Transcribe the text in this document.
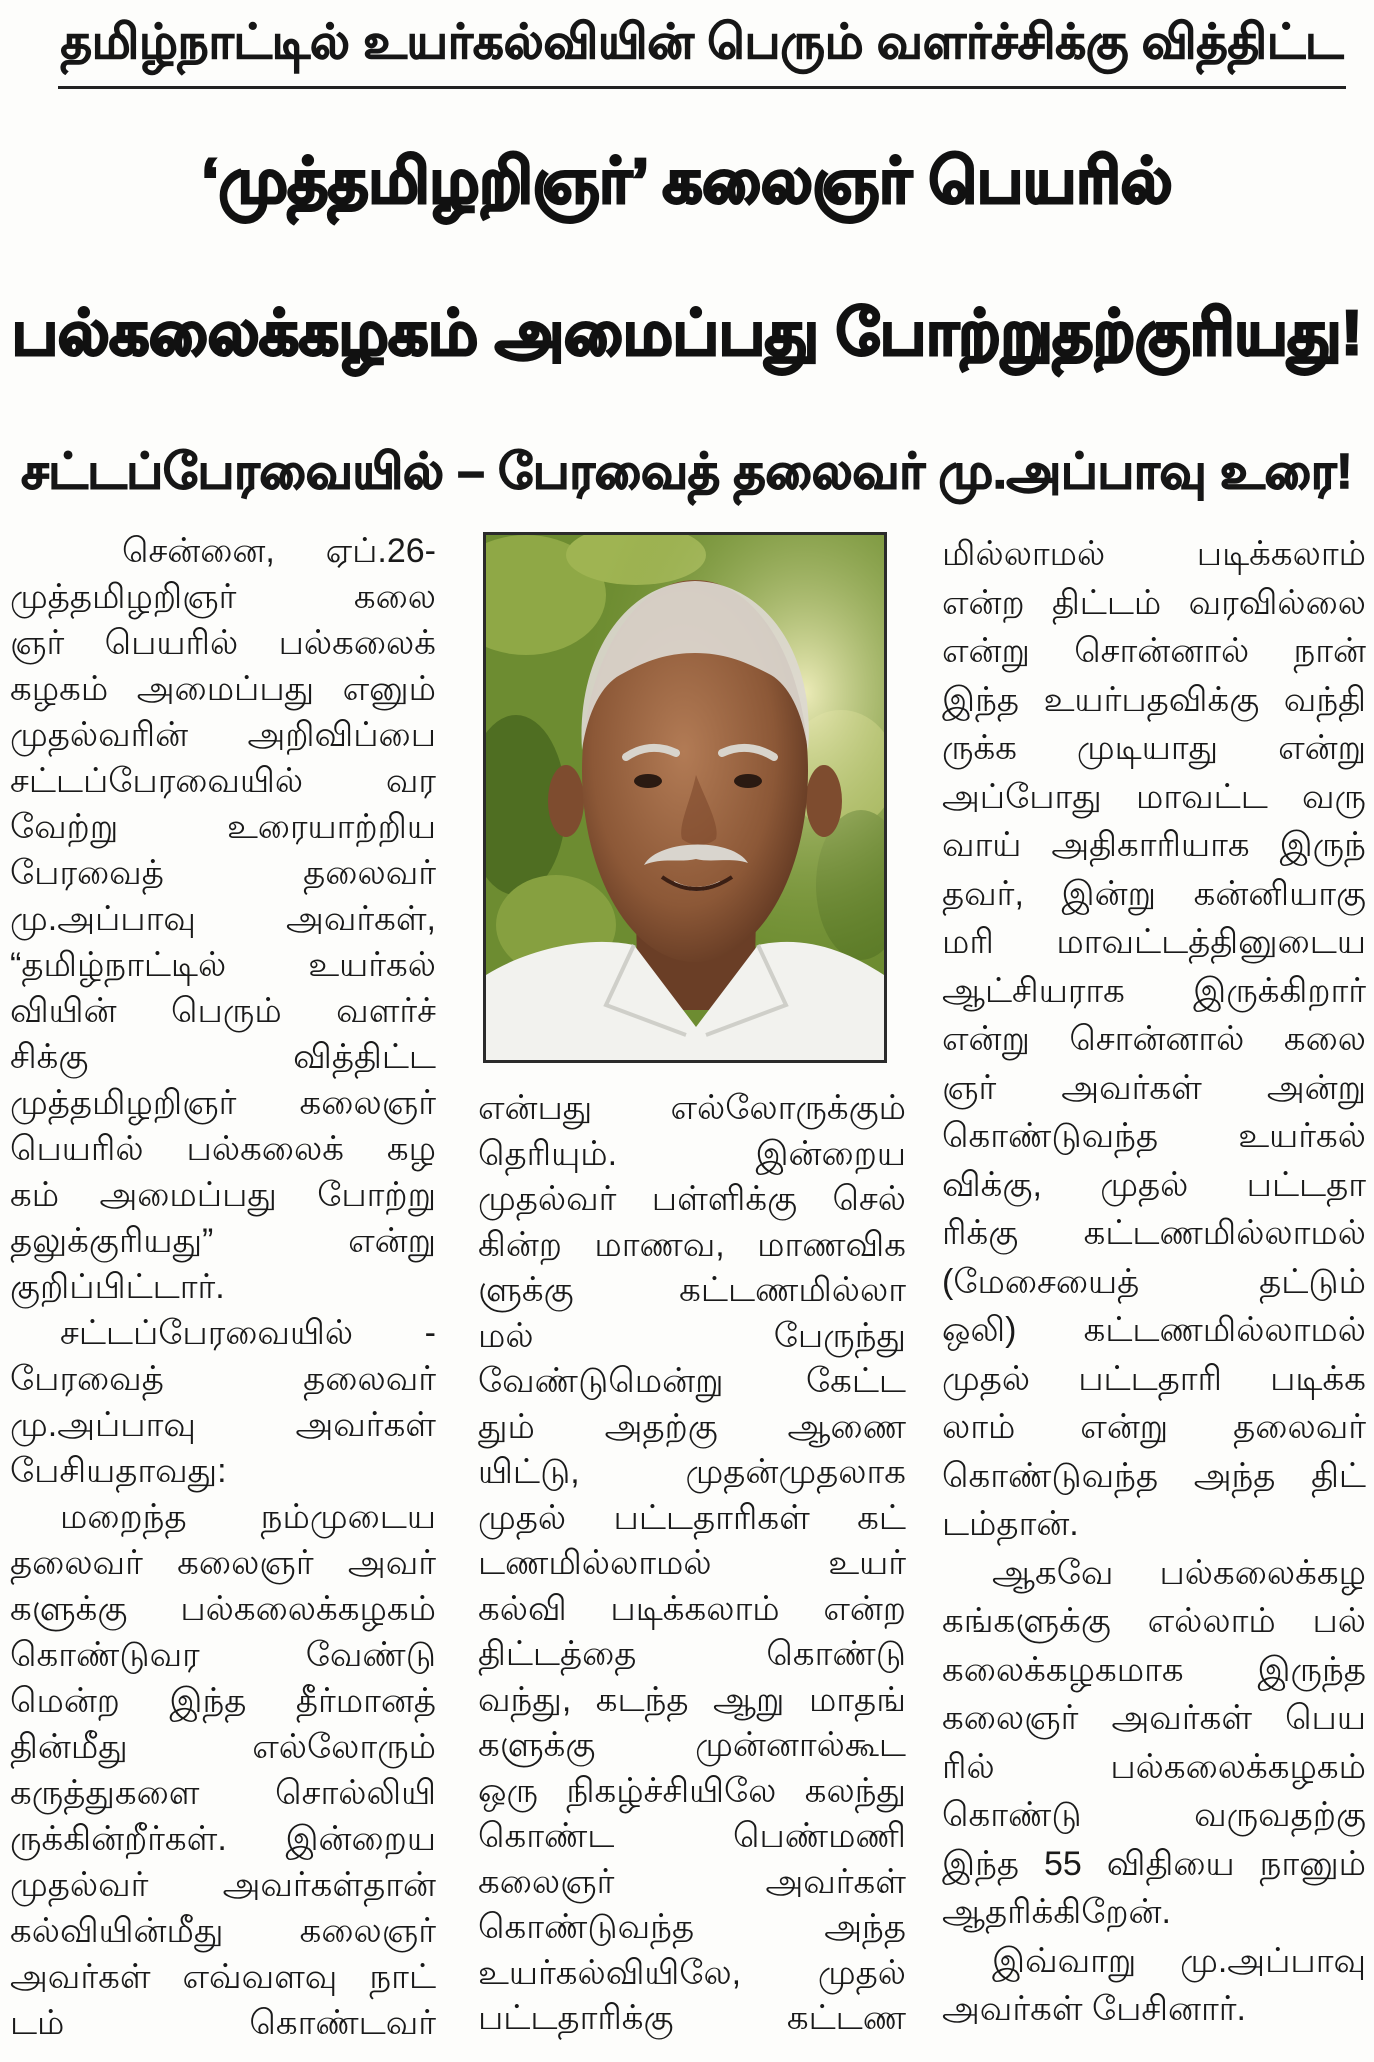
தமிழ்நாட்டில் உயர்கல்வியின் பெரும் வளர்ச்சிக்கு வித்திட்ட
‘முத்தமிழறிஞர்’ கலைஞர் பெயரில்
பல்கலைக்கழகம் அமைப்பது போற்றுதற்குரியது!
சட்டப்பேரவையில் – பேரவைத் தலைவர் மு.அப்பாவு உரை!
சென்னை, ஏப்.26-
முத்தமிழறிஞர் கலை
ஞர் பெயரில் பல்கலைக்
கழகம் அமைப்பது எனும்
முதல்வரின் அறிவிப்பை
சட்டப்பேரவையில் வர
வேற்று உரையாற்றிய
பேரவைத் தலைவர்
மு.அப்பாவு அவர்கள்,
“தமிழ்நாட்டில் உயர்கல்
வியின் பெரும் வளர்ச்
சிக்கு வித்திட்ட
முத்தமிழறிஞர் கலைஞர்
பெயரில் பல்கலைக் கழ
கம் அமைப்பது போற்று
தலுக்குரியது” என்று
குறிப்பிட்டார்.
சட்டப்பேரவையில் -
பேரவைத் தலைவர்
மு.அப்பாவு அவர்கள்
பேசியதாவது:
மறைந்த நம்முடைய
தலைவர் கலைஞர் அவர்
களுக்கு பல்கலைக்கழகம்
கொண்டுவர வேண்டு
மென்ற இந்த தீர்மானத்
தின்மீது எல்லோரும்
கருத்துகளை சொல்லியி
ருக்கின்றீர்கள். இன்றைய
முதல்வர் அவர்கள்தான்
கல்வியின்மீது கலைஞர்
அவர்கள் எவ்வளவு நாட்
டம் கொண்டவர்
என்பது எல்லோருக்கும்
தெரியும். இன்றைய
முதல்வர் பள்ளிக்கு செல்
கின்ற மாணவ, மாணவிக
ளுக்கு கட்டணமில்லா
மல் பேருந்து
வேண்டுமென்று கேட்ட
தும் அதற்கு ஆணை
யிட்டு, முதன்முதலாக
முதல் பட்டதாரிகள் கட்
டணமில்லாமல் உயர்
கல்வி படிக்கலாம் என்ற
திட்டத்தை கொண்டு
வந்து, கடந்த ஆறு மாதங்
களுக்கு முன்னால்கூட
ஒரு நிகழ்ச்சியிலே கலந்து
கொண்ட பெண்மணி
கலைஞர் அவர்கள்
கொண்டுவந்த அந்த
உயர்கல்வியிலே, முதல்
பட்டதாரிக்கு கட்டண
மில்லாமல் படிக்கலாம்
என்ற திட்டம் வரவில்லை
என்று சொன்னால் நான்
இந்த உயர்பதவிக்கு வந்தி
ருக்க முடியாது என்று
அப்போது மாவட்ட வரு
வாய் அதிகாரியாக இருந்
தவர், இன்று கன்னியாகு
மரி மாவட்டத்தினுடைய
ஆட்சியராக இருக்கிறார்
என்று சொன்னால் கலை
ஞர் அவர்கள் அன்று
கொண்டுவந்த உயர்கல்
விக்கு, முதல் பட்டதா
ரிக்கு கட்டணமில்லாமல்
(மேசையைத் தட்டும்
ஒலி) கட்டணமில்லாமல்
முதல் பட்டதாரி படிக்க
லாம் என்று தலைவர்
கொண்டுவந்த அந்த திட்
டம்தான்.
ஆகவே பல்கலைக்கழ
கங்களுக்கு எல்லாம் பல்
கலைக்கழகமாக இருந்த
கலைஞர் அவர்கள் பெய
ரில் பல்கலைக்கழகம்
கொண்டு வருவதற்கு
இந்த 55 விதியை நானும்
ஆதரிக்கிறேன்.
இவ்வாறு மு.அப்பாவு
அவர்கள் பேசினார்.
